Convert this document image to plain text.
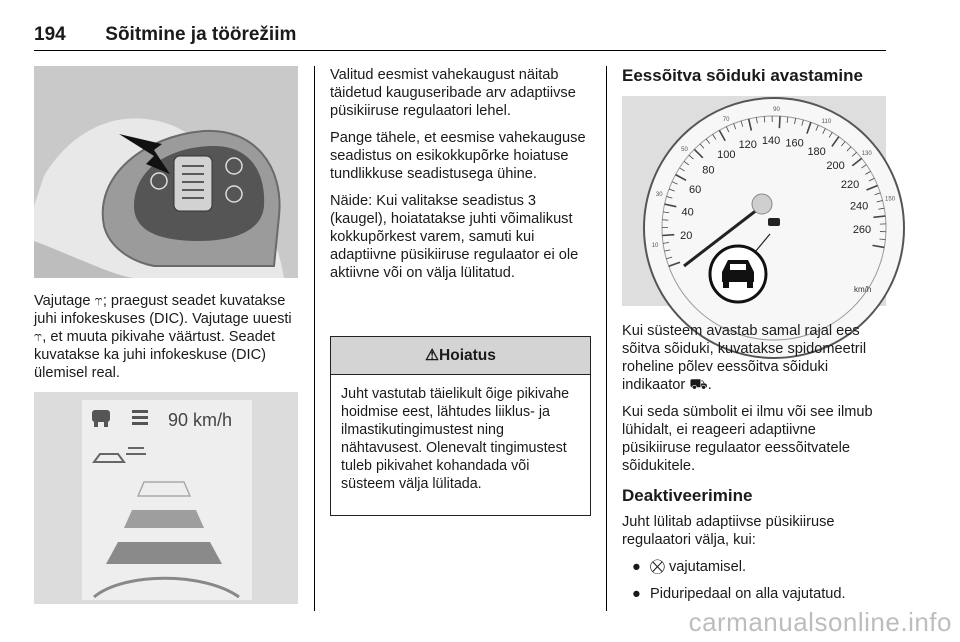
194 Sõitmine ja töörežiim

Vajutage ⥾; praegust seadet kuvatakse juhi infokeskuses (DIC). Vajutage uuesti ⥾, et muuta pikivahe väärtust. Seadet kuvatakse ka juhi infokeskuse (DIC) ülemisel real.

90 km/h

Valitud eesmist vahekaugust näitab täidetud kauguseribade arv adaptiivse püsikiiruse regulaatori lehel.

Pange tähele, et eesmise vahekauguse seadistus on esikokkupõrke hoiatuse tundlikkuse seadistusega ühine.

Näide: Kui valitakse seadistus 3 (kaugel), hoiatatakse juhti võimalikust kokkupõrkest varem, samuti kui adaptiivne püsikiiruse regulaator ei ole aktiivne või on välja lülitatud.

⚠Hoiatus
Juht vastutab täielikult õige pikivahe hoidmise eest, lähtudes liiklus- ja ilmastikutingimustest ning nähtavusest. Olenevalt tingimustest tuleb pikivahet kohandada või süsteem välja lülitada.
Eessõitva sõiduki avastamine
20
40
60
80
100
120 140 160
180
200
220
240
260
10
30
50
70
90
110
130
150
km/h

Kui süsteem avastab samal rajal ees sõitva sõiduki, kuvatakse spidomeetril roheline põlev eessõitva sõiduki indikaator ⛟.

Kui seda sümbolit ei ilmu või see ilmub lühidalt, ei reageeri adaptiivne püsikiiruse regulaator eessõitvatele sõidukitele.

Deaktiveerimine

Juht lülitab adaptiivse püsikiiruse regulaatori välja, kui:

● ⛒ vajutamisel.
● Piduripedaal on alla vajutatud.
carmanualsonline.info
